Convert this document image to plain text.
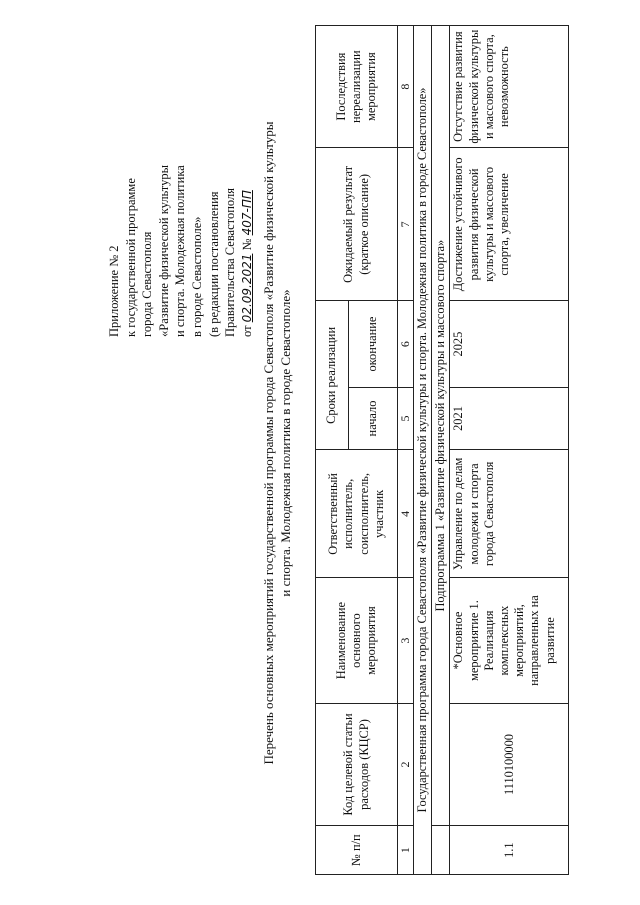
Приложение № 2 к государственной программе города Севастополя «Развитие физической культуры и спорта. Молодежная политика в городе Севастополе» (в редакции постановления Правительства Севастополя от 02.09.2021 № 407-ПП Перечень основных мероприятий государственной программы города Севастополя «Развитие физической культуры и спорта. Молодежная политика в городе Севастополе»
№ п/п	Код целевой статьи расходов (КЦСР)	Наименование основного мероприятия	Ответственный исполнитель, соисполнитель, участник	Сроки реализации		Ожидаемый результат (краткое описание)	Последствия нереализации мероприятия
				начало	окончание		
1	2	3	4	5	6	7	8
Государственная программа города Севастополя «Развитие физической культуры и спорта. Молодежная политика в городе Севастополе»							
	Подпрограмма 1 «Развитие физической культуры и массового спорта»						
1.1	1110100000	*Основное мероприятие 1. Реализация комплексных мероприятий, направленных на развитие	Управление по делам молодежи и спорта города Севастополя	2021	2025	Достижение устойчивого развития физической культуры и массового спорта, увеличение	Отсутствие развития физической культуры и массового спорта, невозможность
